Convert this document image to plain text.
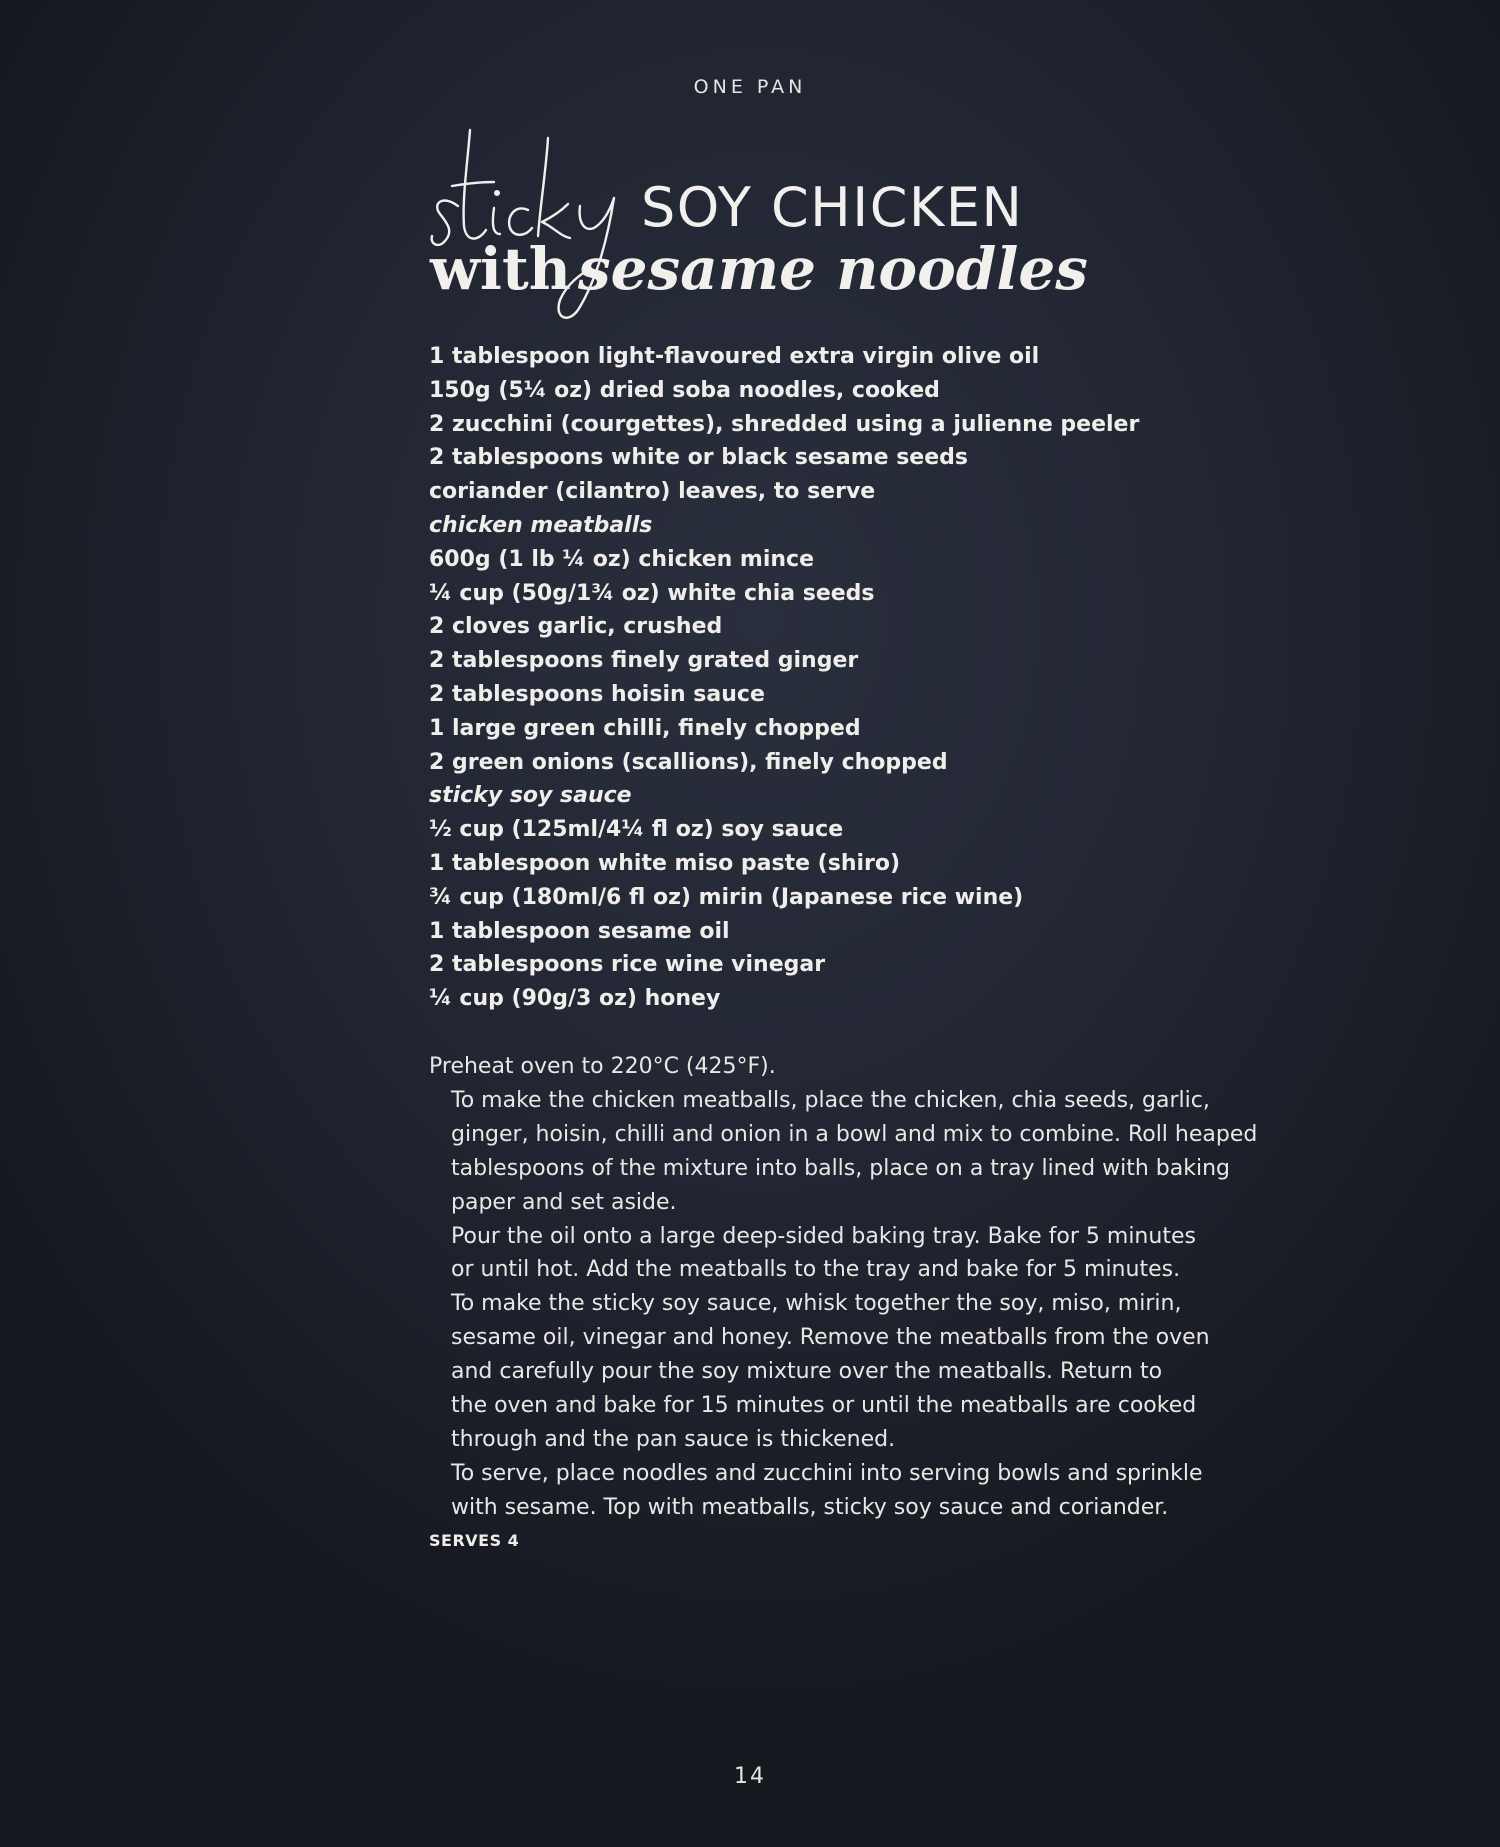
ONE PAN
SOY CHICKEN
with sesame noodles
1 tablespoon light-flavoured extra virgin olive oil
150g (5¼ oz) dried soba noodles, cooked
2 zucchini (courgettes), shredded using a julienne peeler
2 tablespoons white or black sesame seeds
coriander (cilantro) leaves, to serve
chicken meatballs
600g (1 lb ¼ oz) chicken mince
¼ cup (50g/1¾ oz) white chia seeds
2 cloves garlic, crushed
2 tablespoons finely grated ginger
2 tablespoons hoisin sauce
1 large green chilli, finely chopped
2 green onions (scallions), finely chopped
sticky soy sauce
½ cup (125ml/4¼ fl oz) soy sauce
1 tablespoon white miso paste (shiro)
¾ cup (180ml/6 fl oz) mirin (Japanese rice wine)
1 tablespoon sesame oil
2 tablespoons rice wine vinegar
¼ cup (90g/3 oz) honey

Preheat oven to 220°C (425°F).

To make the chicken meatballs, place the chicken, chia seeds, garlic,
ginger, hoisin, chilli and onion in a bowl and mix to combine. Roll heaped
tablespoons of the mixture into balls, place on a tray lined with baking
paper and set aside.

Pour the oil onto a large deep-sided baking tray. Bake for 5 minutes
or until hot. Add the meatballs to the tray and bake for 5 minutes.

To make the sticky soy sauce, whisk together the soy, miso, mirin,
sesame oil, vinegar and honey. Remove the meatballs from the oven
and carefully pour the soy mixture over the meatballs. Return to
the oven and bake for 15 minutes or until the meatballs are cooked
through and the pan sauce is thickened.

To serve, place noodles and zucchini into serving bowls and sprinkle
with sesame. Top with meatballs, sticky soy sauce and coriander.

SERVES 4
14
